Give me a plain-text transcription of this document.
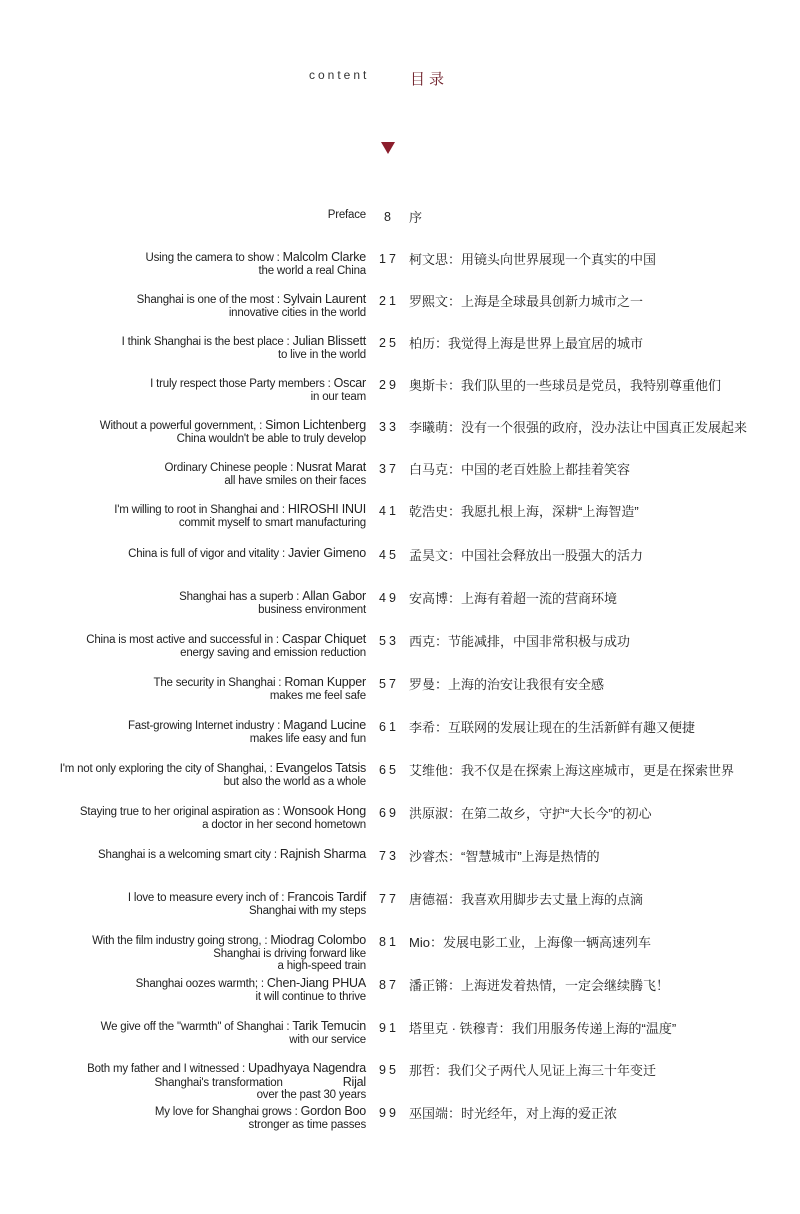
content	目录
Preface	8	序
Using the camera to show : Malcolm Clarke
the world a real China
17 柯文思：用镜头向世界展现一个真实的中国
Shanghai is one of the most : Sylvain Laurent
innovative cities in the world
21 罗熙文：上海是全球最具创新力城市之一
I think Shanghai is the best place : Julian Blissett
to live in the world
25 柏历：我觉得上海是世界上最宜居的城市
I truly respect those Party members : Oscar
in our team
29 奥斯卡：我们队里的一些球员是党员，我特别尊重他们
Without a powerful government, : Simon Lichtenberg
China wouldn't be able to truly develop
33 李曦萌：没有一个很强的政府，没办法让中国真正发展起来
Ordinary Chinese people : Nusrat Marat
all have smiles on their faces
37 白马克：中国的老百姓脸上都挂着笑容
I'm willing to root in Shanghai and : HIROSHI INUI
commit myself to smart manufacturing
41 乾浩史：我愿扎根上海，深耕“上海智造”
China is full of vigor and vitality : Javier Gimeno	45 孟昊文：中国社会释放出一股强大的活力
Shanghai has a superb : Allan Gabor
business environment
49 安高博：上海有着超一流的营商环境
China is most active and successful in : Caspar Chiquet
energy saving and emission reduction
53 西克：节能减排，中国非常积极与成功
The security in Shanghai : Roman Kupper
makes me feel safe
57 罗曼：上海的治安让我很有安全感
Fast-growing Internet industry : Magand Lucine
makes life easy and fun
61 李希：互联网的发展让现在的生活新鲜有趣又便捷
I'm not only exploring the city of Shanghai, : Evangelos Tatsis
but also the world as a whole
65 艾维他：我不仅是在探索上海这座城市，更是在探索世界
Staying true to her original aspiration as : Wonsook Hong
a doctor in her second hometown
69 洪原淑：在第二故乡，守护“大长今”的初心
Shanghai is a welcoming smart city : Rajnish Sharma	73 沙睿杰：“智慧城市”上海是热情的
I love to measure every inch of : Francois Tardif
Shanghai with my steps
77 唐德福：我喜欢用脚步去丈量上海的点滴
With the film industry going strong, : Miodrag Colombo
Shanghai is driving forward like
a high-speed train
81 Mio：发展电影工业，上海像一辆高速列车
Shanghai oozes warmth; : Chen-Jiang PHUA
it will continue to thrive
87 潘正锵：上海迸发着热情，一定会继续腾飞！
We give off the "warmth" of Shanghai : Tarik Temucin
with our service
91 塔里克 · 铁穆青：我们用服务传递上海的“温度”
Both my father and I witnessed : Upadhyaya Nagendra
Shanghai's transformation	Rijal
over the past 30 years
95 那哲：我们父子两代人见证上海三十年变迁
My love for Shanghai grows : Gordon Boo
stronger as time passes
99 巫国端：时光经年，对上海的爱正浓
